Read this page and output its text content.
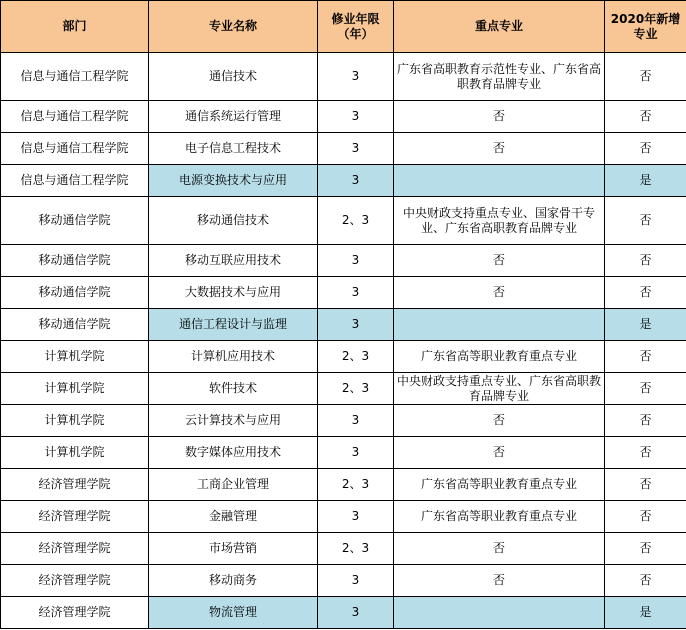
部门	专业名称	修业年限（年）	重点专业	2020年新增专业
信息与通信工程学院	通信技术	3	广东省高职教育示范性专业、广东省高职教育品牌专业	否
信息与通信工程学院	通信系统运行管理	3	否	否
信息与通信工程学院	电子信息工程技术	3	否	否
信息与通信工程学院	电源变换技术与应用	3		是
移动通信学院	移动通信技术	2、3	中央财政支持重点专业、国家骨干专业、广东省高职教育品牌专业	否
移动通信学院	移动互联应用技术	3	否	否
移动通信学院	大数据技术与应用	3	否	否
移动通信学院	通信工程设计与监理	3		是
计算机学院	计算机应用技术	2、3	广东省高等职业教育重点专业	否
计算机学院	软件技术	2、3	中央财政支持重点专业、广东省高职教育品牌专业	否
计算机学院	云计算技术与应用	3	否	否
计算机学院	数字媒体应用技术	3	否	否
经济管理学院	工商企业管理	2、3	广东省高等职业教育重点专业	否
经济管理学院	金融管理	3	广东省高等职业教育重点专业	否
经济管理学院	市场营销	2、3	否	否
经济管理学院	移动商务	3	否	否
经济管理学院	物流管理	3		是
